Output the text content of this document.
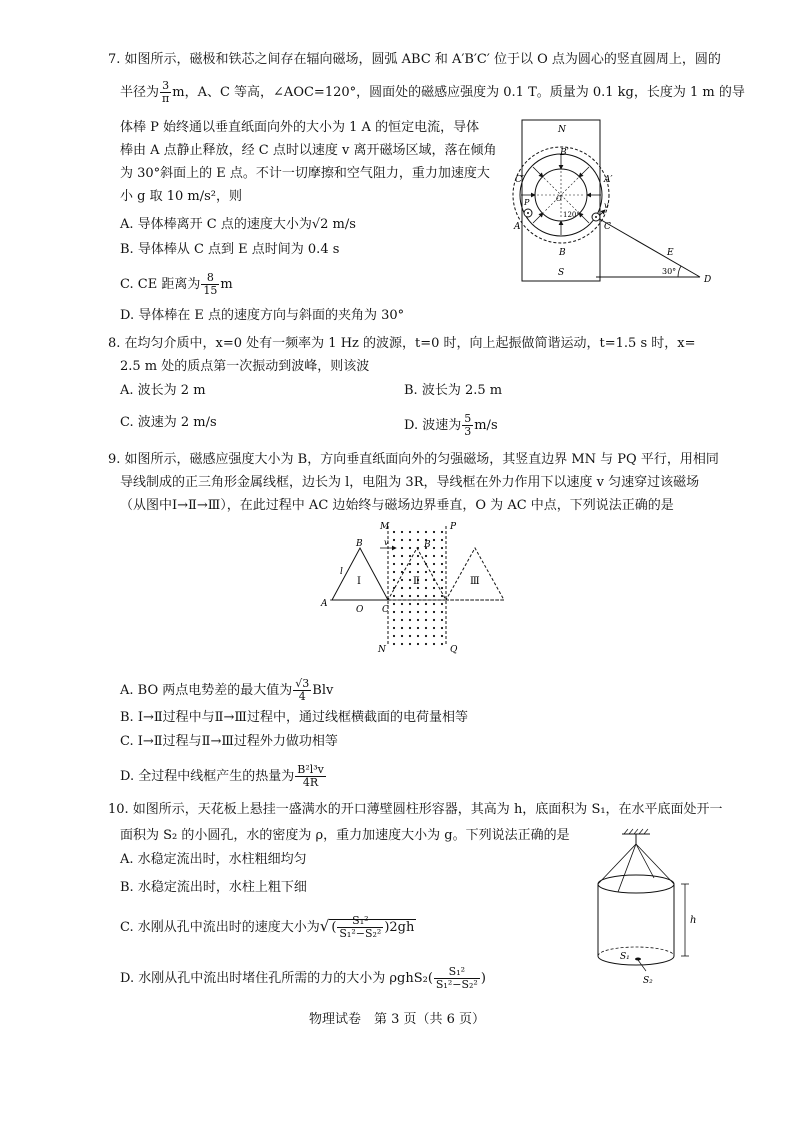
7. 如图所示，磁极和铁芯之间存在辐向磁场，圆弧 ABC 和 A′B′C′ 位于以 O 点为圆心的竖直圆周上，圆的
半径为 $\frac{3}{\pi}$ m，A、C 等高，∠AOC=120°，圆面处的磁感应强度为 0.1 T。质量为 0.1 kg，长度为 1 m 的导
体棒 P 始终通以垂直纸面向外的大小为 1 A 的恒定电流，导体
棒由 A 点静止释放，经 C 点时以速度 v 离开磁场区域，落在倾角
为 30°斜面上的 E 点。不计一切摩擦和空气阻力，重力加速度大
小 g 取 10 m/s²，则
A. 导体棒离开 C 点的速度大小为√2 m/s
B. 导体棒从 C 点到 E 点时间为 0.4 s
C. CE 距离为 $\frac{8}{15}$ m
D. 导体棒在 E 点的速度方向与斜面的夹角为 30°
N
S
B′
B
C′	A′
A	C
P	O
120°
v
E
D
30°
8. 在均匀介质中，x=0 处有一频率为 1 Hz 的波源，t=0 时，向上起振做简谐运动，t=1.5 s 时，x=
2.5 m 处的质点第一次振动到波峰，则该波
A. 波长为 2 m	B. 波长为 2.5 m
C. 波速为 2 m/s	D. 波速为 $\frac{5}{3} m/s$
9. 如图所示，磁感应强度大小为 B，方向垂直纸面向外的匀强磁场，其竖直边界 MN 与 PQ 平行，用相同
导线制成的正三角形金属线框，边长为 l，电阻为 3R，导线框在外力作用下以速度 v 匀速穿过该磁场
（从图中Ⅰ→Ⅱ→Ⅲ），在此过程中 AC 边始终与磁场边界垂直，O 为 AC 中点，下列说法正确的是
M	P
N	Q
B	B
A
C
O
l
v
Ⅰ	Ⅱ	Ⅲ
A. BO 两点电势差的最大值为 $\frac{√3}{4}$ Blv
B. Ⅰ→Ⅱ过程中与Ⅱ→Ⅲ过程中，通过线框横截面的电荷量相等
C. Ⅰ→Ⅱ过程与Ⅱ→Ⅲ过程外力做功相等
D. 全过程中线框产生的热量为 $\frac{\text{B²l³v}}{4R}$
10. 如图所示，天花板上悬挂一盛满水的开口薄壁圆柱形容器，其高为 h，底面积为 S₁，在水平底面处开一
面积为 S₂ 的小圆孔，水的密度为 ρ，重力加速度大小为 g。下列说法正确的是
A. 水稳定流出时，水柱粗细均匀
B. 水稳定流出时，水柱上粗下细
C. 水刚从孔中流出时的速度大小为√ ( $\frac{\text{S₁²}}{\text{S₁²−S₂²}} )2gh$
D. 水刚从孔中流出时堵住孔所需的力的大小为 $\rho ghS_2( \frac{\text{S₁²}}{\text{S₁²−S₂²}}$ )
h
S₁
S₂
物理试卷　第 3 页（共 6 页）
